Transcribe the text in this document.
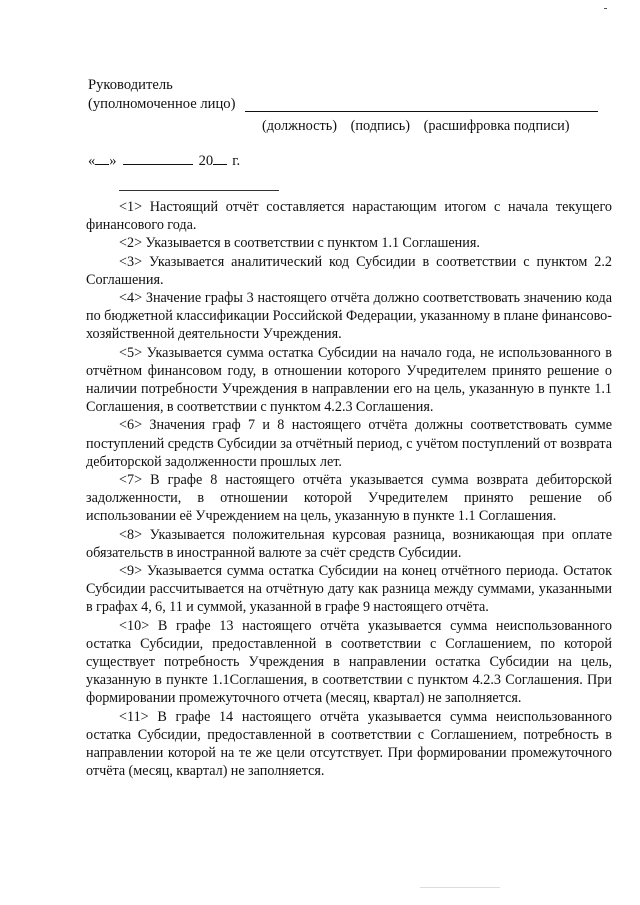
Руководитель
(уполномоченное лицо)
(должность) (подпись) (расшифровка подписи)
« »	20 г.

<1> Настоящий отчёт составляется нарастающим итогом с начала текущего финансового года.

<2> Указывается в соответствии с пунктом 1.1 Соглашения.

<3> Указывается аналитический код Субсидии в соответствии с пунктом 2.2 Соглашения.

<4> Значение графы 3 настоящего отчёта должно соответствовать значению кода по бюджетной классификации Российской Федерации, указанному в плане финансово-хозяйственной деятельности Учреждения.

<5> Указывается сумма остатка Субсидии на начало года, не использованного в отчётном финансовом году, в отношении которого Учредителем принято решение о наличии потребности Учреждения в направлении его на цель, указанную в пункте 1.1 Соглашения, в соответствии с пунктом 4.2.3 Соглашения.

<6> Значения граф 7 и 8 настоящего отчёта должны соответствовать сумме поступлений средств Субсидии за отчётный период, с учётом поступлений от возврата дебиторской задолженности прошлых лет.

<7> В графе 8 настоящего отчёта указывается сумма возврата дебиторской задолженности, в отношении которой Учредителем принято решение об использовании её Учреждением на цель, указанную в пункте 1.1 Соглашения.

<8> Указывается положительная курсовая разница, возникающая при оплате обязательств в иностранной валюте за счёт средств Субсидии.

<9> Указывается сумма остатка Субсидии на конец отчётного периода. Остаток Субсидии рассчитывается на отчётную дату как разница между суммами, указанными в графах 4, 6, 11 и суммой, указанной в графе 9 настоящего отчёта.

<10> В графе 13 настоящего отчёта указывается сумма неиспользованного остатка Субсидии, предоставленной в соответствии с Соглашением, по которой существует потребность Учреждения в направлении остатка Субсидии на цель, указанную в пункте 1.1Соглашения, в соответствии с пунктом 4.2.3 Соглашения. При формировании промежуточного отчета (месяц, квартал) не заполняется.

<11> В графе 14 настоящего отчёта указывается сумма неиспользованного остатка Субсидии, предоставленной в соответствии с Соглашением, потребность в направлении которой на те же цели отсутствует. При формировании промежуточного отчёта (месяц, квартал) не заполняется.
